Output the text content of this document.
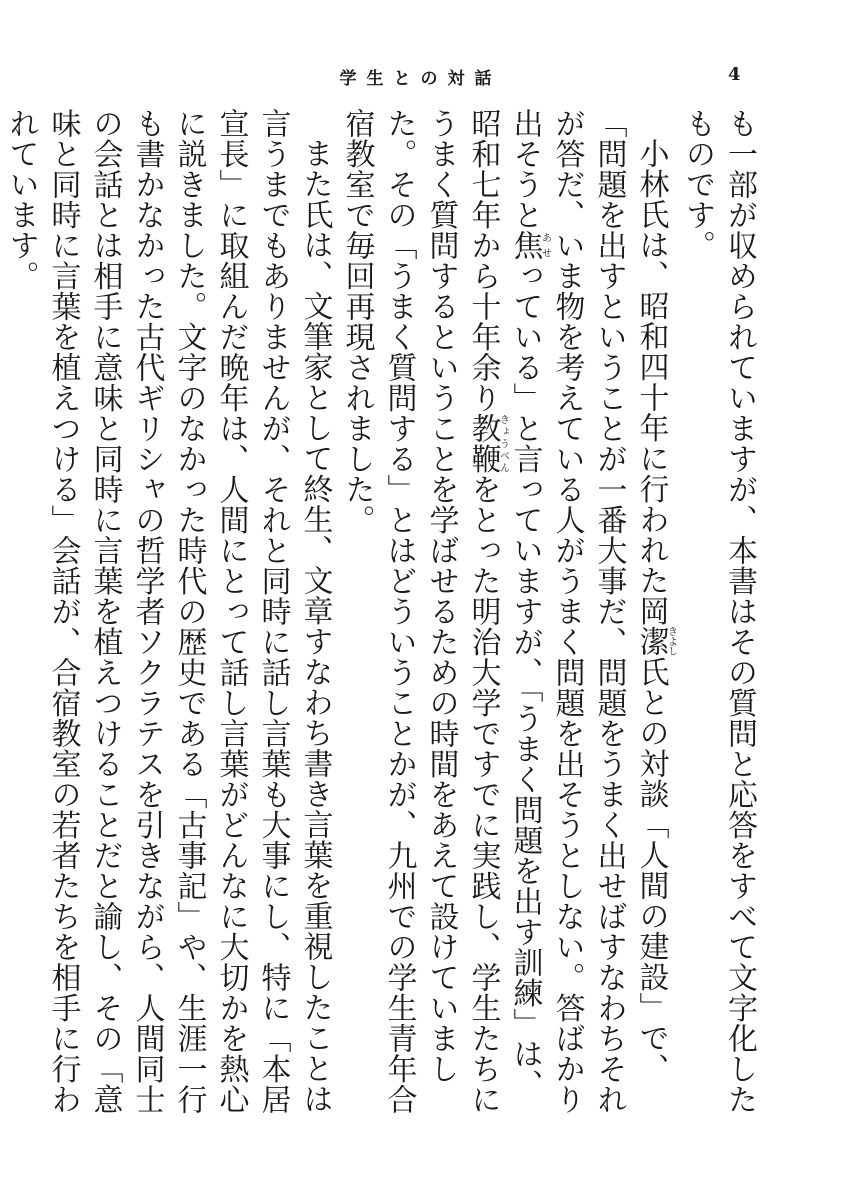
学生との対話	4

も一部が収められていますが、本書はその質問と応答をすべて文字化したものです。

小林氏は、昭和四十年に行われた岡潔きよし氏との対談「人間の建設」で、「問題を出すということが一番大事だ、問題をうまく出せばすなわちそれが答だ、いま物を考えている人がうまく問題を出そうとしない。答ばかり出そうと焦あせっている」と言っていますが、「うまく問題を出す訓練」は、昭和七年から十年余り教鞭きょうべんをとった明治大学ですでに実践し、学生たちにうまく質問するということを学ばせるための時間をあえて設けていました。その「うまく質問する」とはどういうことかが、九州での学生青年合宿教室で毎回再現されました。

また氏は、文筆家として終生、文章すなわち書き言葉を重視したことは言うまでもありませんが、それと同時に話し言葉も大事にし、特に「本居宣長」に取組んだ晩年は、人間にとって話し言葉がどんなに大切かを熱心に説きました。文字のなかった時代の歴史である「古事記」や、生涯一行も書かなかった古代ギリシャの哲学者ソクラテスを引きながら、人間同士の会話とは相手に意味と同時に言葉を植えつけることだと諭し、その「意味と同時に言葉を植えつける」会話が、合宿教室の若者たちを相手に行われています。
